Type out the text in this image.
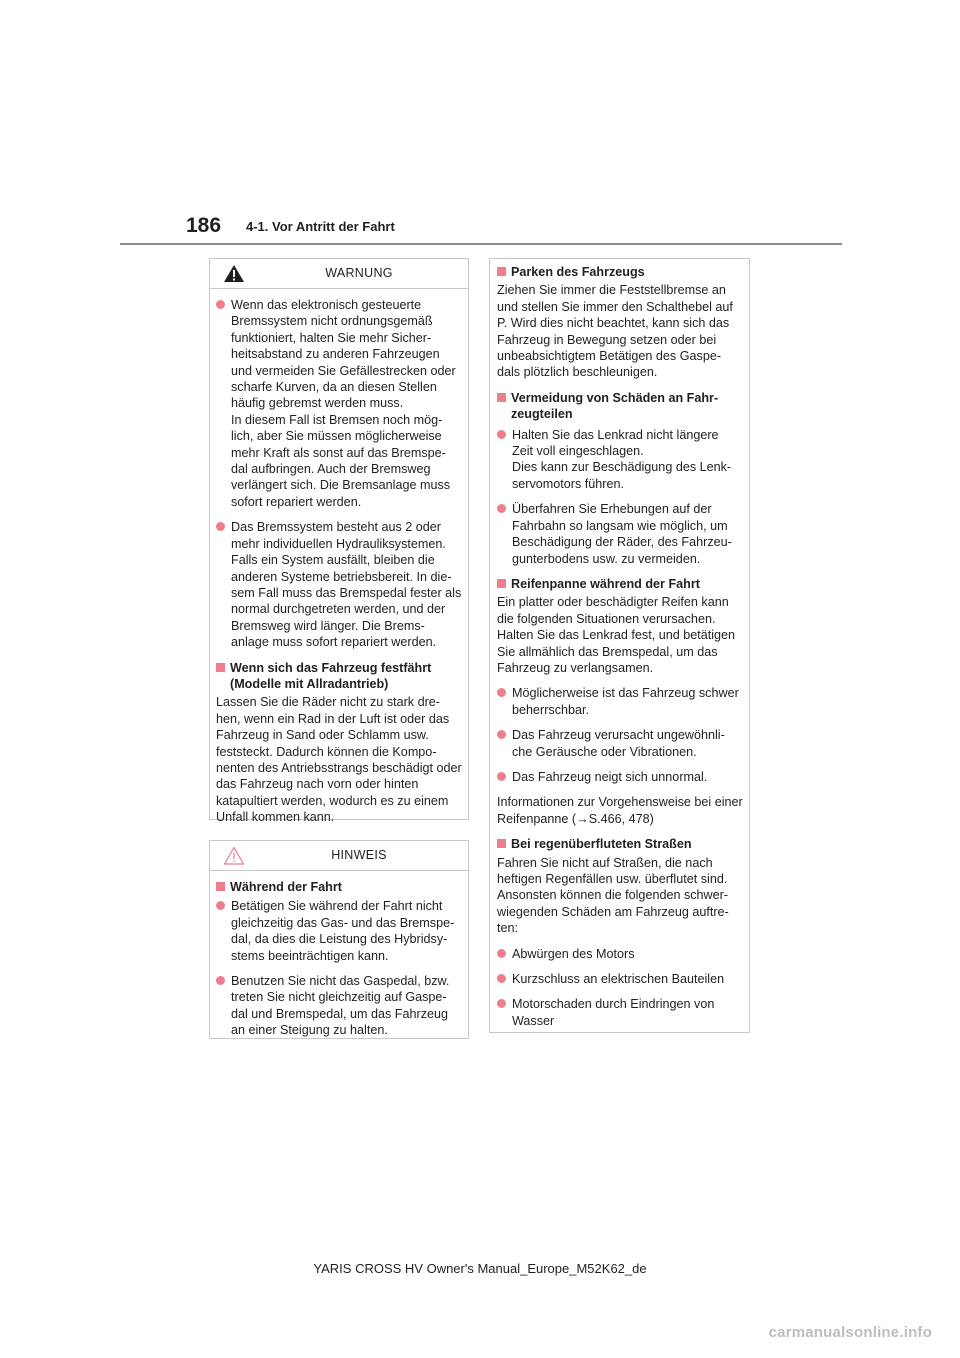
186 4-1. Vor Antritt der Fahrt
WARNUNG
Wenn das elektronisch gesteuerte Bremssystem nicht ordnungsgemäß funktioniert, halten Sie mehr Sicher-heitsabstand zu anderen Fahrzeugen und vermeiden Sie Gefällestrecken oder scharfe Kurven, da an diesen Stellen häufig gebremst werden muss.
In diesem Fall ist Bremsen noch mög-lich, aber Sie müssen möglicherweise mehr Kraft als sonst auf das Bremspe-dal aufbringen. Auch der Bremsweg verlängert sich. Die Bremsanlage muss sofort repariert werden.
Das Bremssystem besteht aus 2 oder mehr individuellen Hydrauliksystemen. Falls ein System ausfällt, bleiben die anderen Systeme betriebsbereit. In die-sem Fall muss das Bremspedal fester als normal durchgetreten werden, und der Bremsweg wird länger. Die Brems-anlage muss sofort repariert werden.
Wenn sich das Fahrzeug festfährt (Modelle mit Allradantrieb)
Lassen Sie die Räder nicht zu stark dre-hen, wenn ein Rad in der Luft ist oder das Fahrzeug in Sand oder Schlamm usw. feststeckt. Dadurch können die Kompo-nenten des Antriebsstrangs beschädigt oder das Fahrzeug nach vorn oder hinten katapultiert werden, wodurch es zu einem Unfall kommen kann.
HINWEIS
Während der Fahrt
Betätigen Sie während der Fahrt nicht gleichzeitig das Gas- und das Bremspe-dal, da dies die Leistung des Hybridsy-stems beeinträchtigen kann.
Benutzen Sie nicht das Gaspedal, bzw. treten Sie nicht gleichzeitig auf Gaspe-dal und Bremspedal, um das Fahrzeug an einer Steigung zu halten.
Parken des Fahrzeugs
Ziehen Sie immer die Feststellbremse an und stellen Sie immer den Schalthebel auf P. Wird dies nicht beachtet, kann sich das Fahrzeug in Bewegung setzen oder bei unbeabsichtigtem Betätigen des Gaspe-dals plötzlich beschleunigen.
Vermeidung von Schäden an Fahr-zeugteilen
Halten Sie das Lenkrad nicht längere Zeit voll eingeschlagen.
Dies kann zur Beschädigung des Lenk-servomotors führen.
Überfahren Sie Erhebungen auf der Fahrbahn so langsam wie möglich, um Beschädigung der Räder, des Fahrzeu-gunterbodens usw. zu vermeiden.
Reifenpanne während der Fahrt
Ein platter oder beschädigter Reifen kann die folgenden Situationen verursachen. Halten Sie das Lenkrad fest, und betätigen Sie allmählich das Bremspedal, um das Fahrzeug zu verlangsamen.
Möglicherweise ist das Fahrzeug schwer beherrschbar.
Das Fahrzeug verursacht ungewöhnli-che Geräusche oder Vibrationen.
Das Fahrzeug neigt sich unnormal.
Informationen zur Vorgehensweise bei einer Reifenpanne (→S.466, 478)
Bei regenüberfluteten Straßen
Fahren Sie nicht auf Straßen, die nach heftigen Regenfällen usw. überflutet sind. Ansonsten können die folgenden schwer-wiegenden Schäden am Fahrzeug auftre-ten:
Abwürgen des Motors
Kurzschluss an elektrischen Bauteilen
Motorschaden durch Eindringen von Wasser
YARIS CROSS HV Owner's Manual_Europe_M52K62_de
carmanualsonline.info
